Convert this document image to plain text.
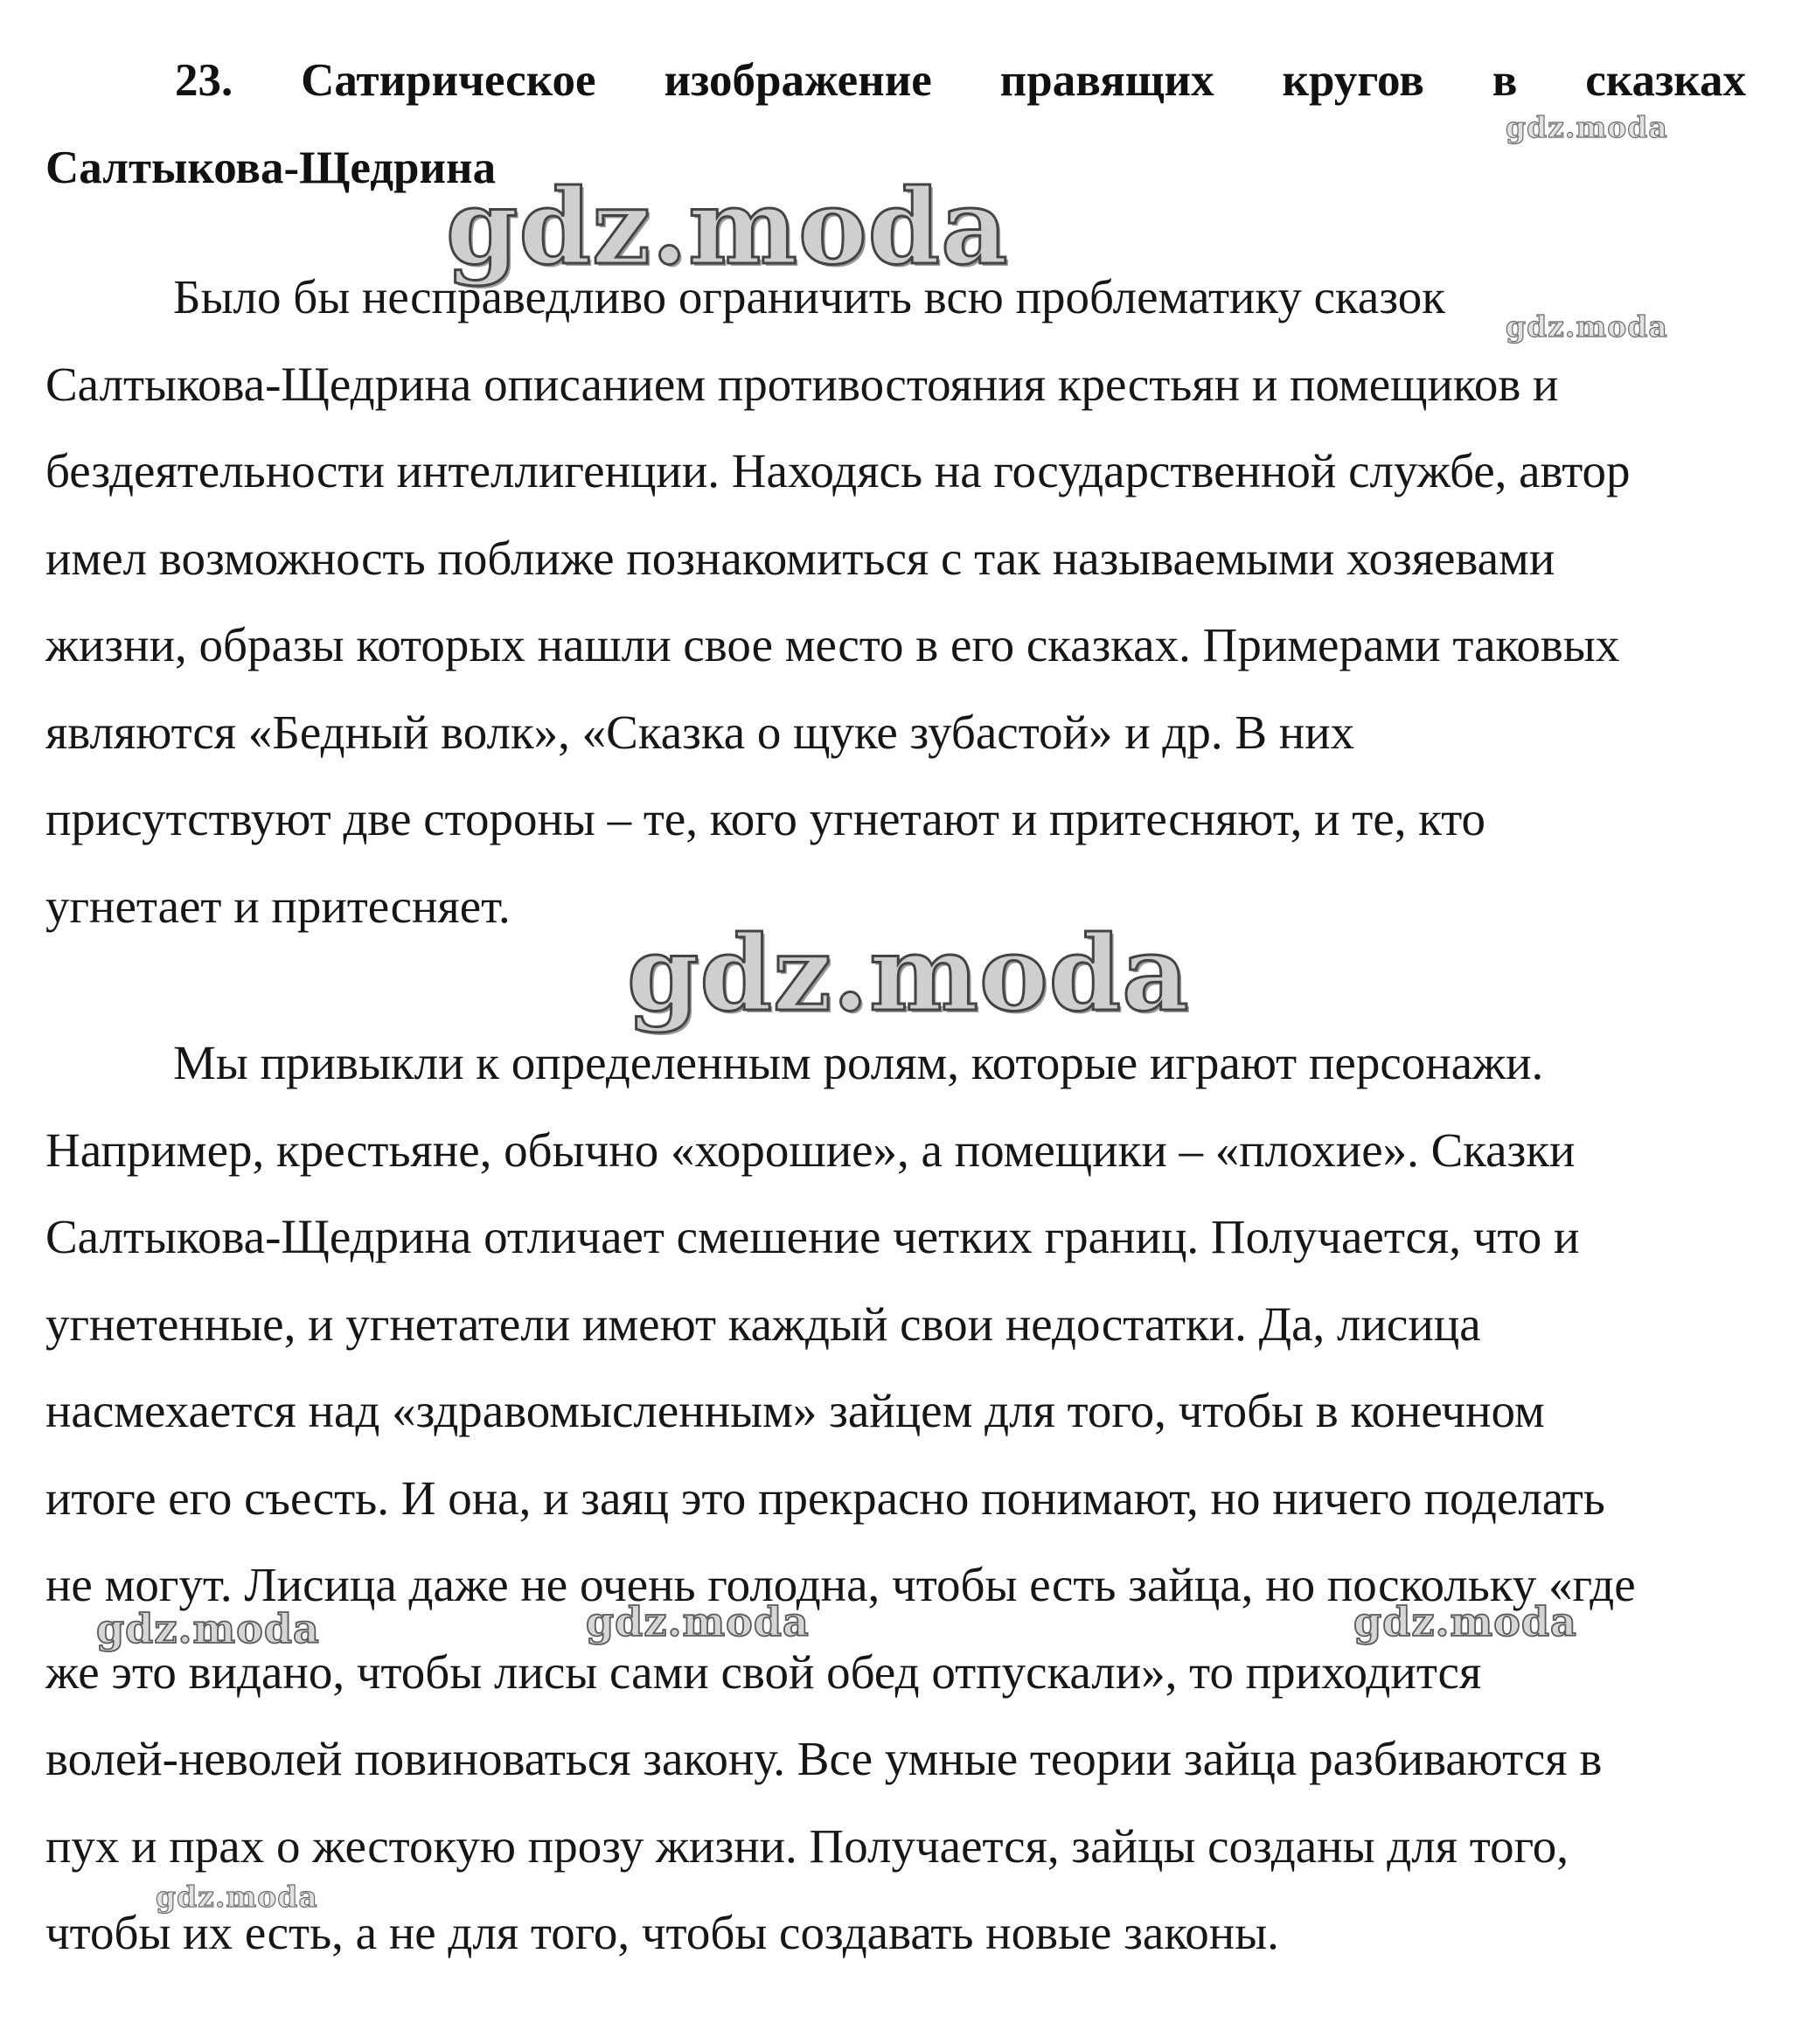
23. Сатирическое изображение правящих кругов в сказках
Салтыкова-Щедрина
Было бы несправедливо ограничить всю проблематику сказок
Салтыкова-Щедрина описанием противостояния крестьян и помещиков и
бездеятельности интеллигенции. Находясь на государственной службе, автор
имел возможность поближе познакомиться с так называемыми хозяевами
жизни, образы которых нашли свое место в его сказках. Примерами таковых
являются «Бедный волк», «Сказка о щуке зубастой» и др. В них
присутствуют две стороны – те, кого угнетают и притесняют, и те, кто
угнетает и притесняет.
Мы привыкли к определенным ролям, которые играют персонажи.
Например, крестьяне, обычно «хорошие», а помещики – «плохие». Сказки
Салтыкова-Щедрина отличает смешение четких границ. Получается, что и
угнетенные, и угнетатели имеют каждый свои недостатки. Да, лисица
насмехается над «здравомысленным» зайцем для того, чтобы в конечном
итоге его съесть. И она, и заяц это прекрасно понимают, но ничего поделать
не могут. Лисица даже не очень голодна, чтобы есть зайца, но поскольку «где
же это видано, чтобы лисы сами свой обед отпускали», то приходится
волей-неволей повиноваться закону. Все умные теории зайца разбиваются в
пух и прах о жестокую прозу жизни. Получается, зайцы созданы для того,
чтобы их есть, а не для того, чтобы создавать новые законы.
gdz.moda
gdz.moda
gdz.moda
gdz.moda
gdz.moda	gdz.moda	gdz.moda
gdz.moda
